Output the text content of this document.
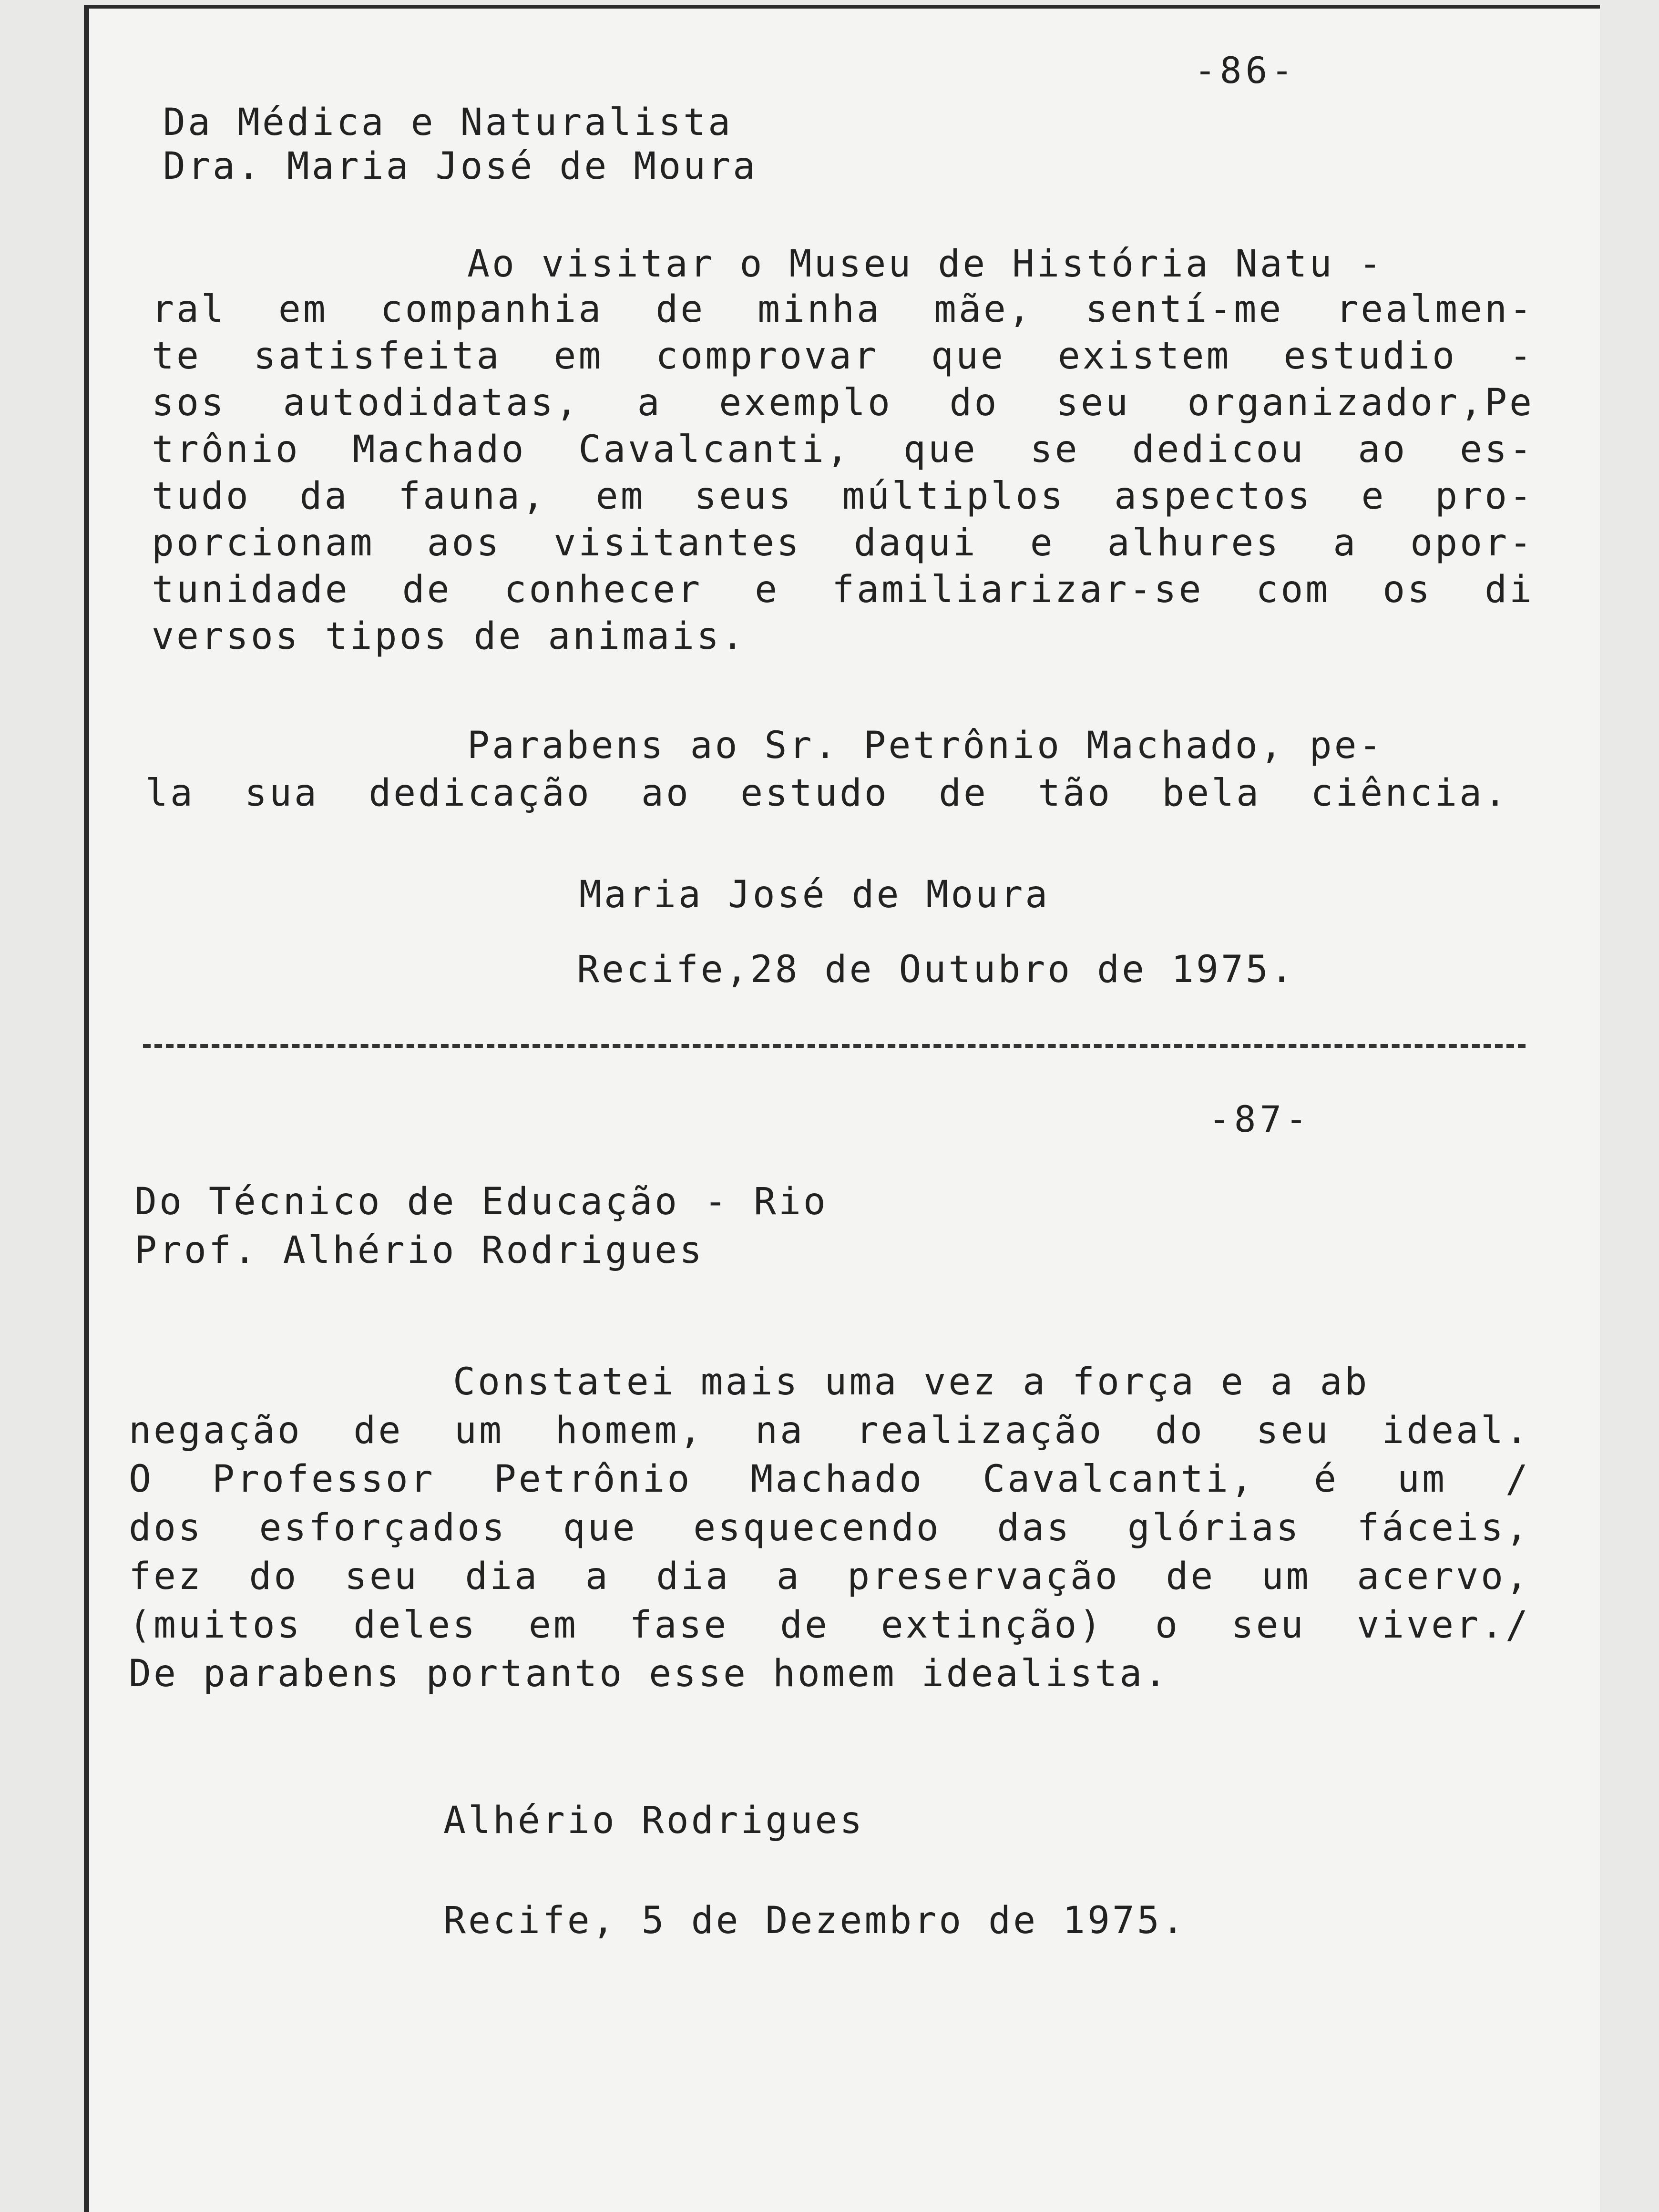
-86-
Da Médica e Naturalista
Dra. Maria José de Moura
Ao visitar o Museu de História Natu -
ral em companhia de minha mãe, sentí-me realmen-
te satisfeita em comprovar que existem estudio -
sos autodidatas, a exemplo do seu organizador,Pe
trônio Machado Cavalcanti, que se dedicou ao es-
tudo da fauna, em seus múltiplos aspectos e pro-
porcionam aos visitantes daqui e alhures a opor-
tunidade de conhecer e familiarizar-se com os di
versos tipos de animais.
Parabens ao Sr. Petrônio Machado, pe-
la sua dedicação ao estudo de tão bela ciência.
Maria José de Moura
Recife,28 de Outubro de 1975.
-87-
Do Técnico de Educação - Rio
Prof. Alhério Rodrigues
Constatei mais uma vez a força e a ab
negação de um homem, na realização do seu ideal.
O Professor Petrônio Machado Cavalcanti, é um /
dos esforçados que esquecendo das glórias fáceis,
fez do seu dia a dia a preservação de um acervo,
(muitos deles em fase de extinção) o seu viver./
De parabens portanto esse homem idealista.
Alhério Rodrigues
Recife, 5 de Dezembro de 1975.
